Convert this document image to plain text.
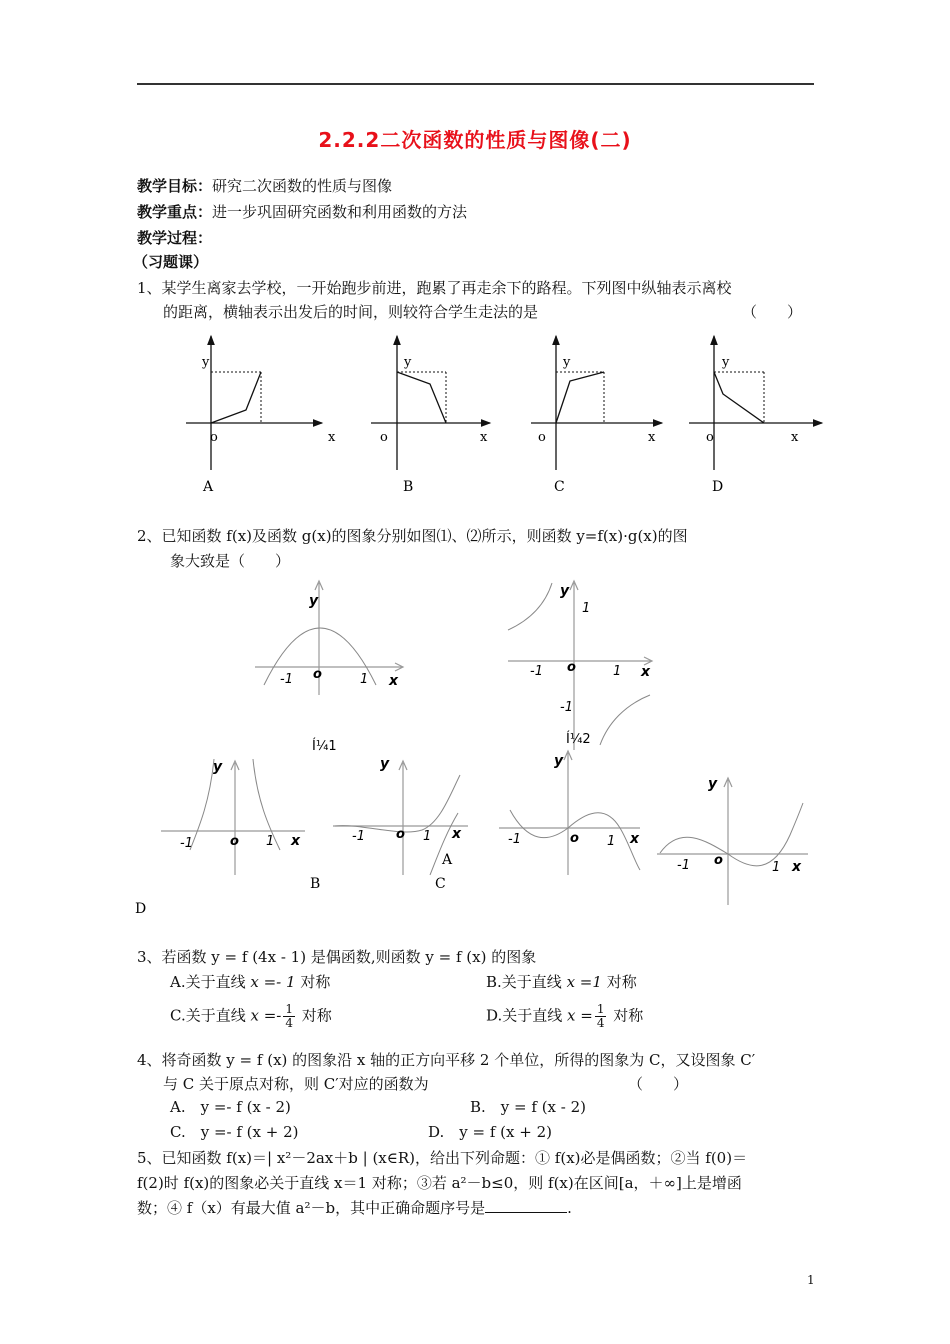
2.2.2二次函数的性质与图像(二)
教学目标：研究二次函数的性质与图像
教学重点：进一步巩固研究函数和利用函数的方法
教学过程：
（习题课）
1、某学生离家去学校，一开始跑步前进，跑累了再走余下的路程。下列图中纵轴表示离校
的距离，横轴表示出发后的时间，则较符合学生走法的是	（　　）
y
o	x
A
y
o	x
B
y
o	x
C
y
o	x
D
2、已知函数 f(x)及函数 g(x)的图象分别如图⑴、⑵所示，则函数 y=f(x)·g(x)的图
象大致是（　　）
y
-1 o	1 x
Í¼1
y
1
-1 o	1 x
-1
Í¼2
y
-1	o 1 x
y
-1 o 1 x
A
y
-1	o 1 x
y
-1 o	1 x
B	C
D
3、若函数 y = f (4x - 1) 是偶函数,则函数 y = f (x) 的图象
A.关于直线 x =- 1 对称	B.关于直线 x =1 对称
C.关于直线 $x =- \frac{1}{4}$ 对称	D.关于直线 $x = \frac{1}{4}$ 对称
4、将奇函数 y = f (x) 的图象沿 x 轴的正方向平移 2 个单位，所得的图象为 C，又设图象 C′
与 C 关于原点对称，则 C′对应的函数为	（　　）
A.　y =- f (x - 2)	B.　y = f (x - 2)
C.　y =- f (x + 2)	D.　y = f (x + 2)
5、已知函数 f(x)＝| x²－2ax＋b | (x∈R)，给出下列命题：① f(x)必是偶函数；②当 f(0)＝
f(2)时 f(x)的图象必关于直线 x＝1 对称；③若 a²－b≤0，则 f(x)在区间[a，＋∞]上是增函
数；④ f（x）有最大值 a²－b，其中正确命题序号是	.
1
